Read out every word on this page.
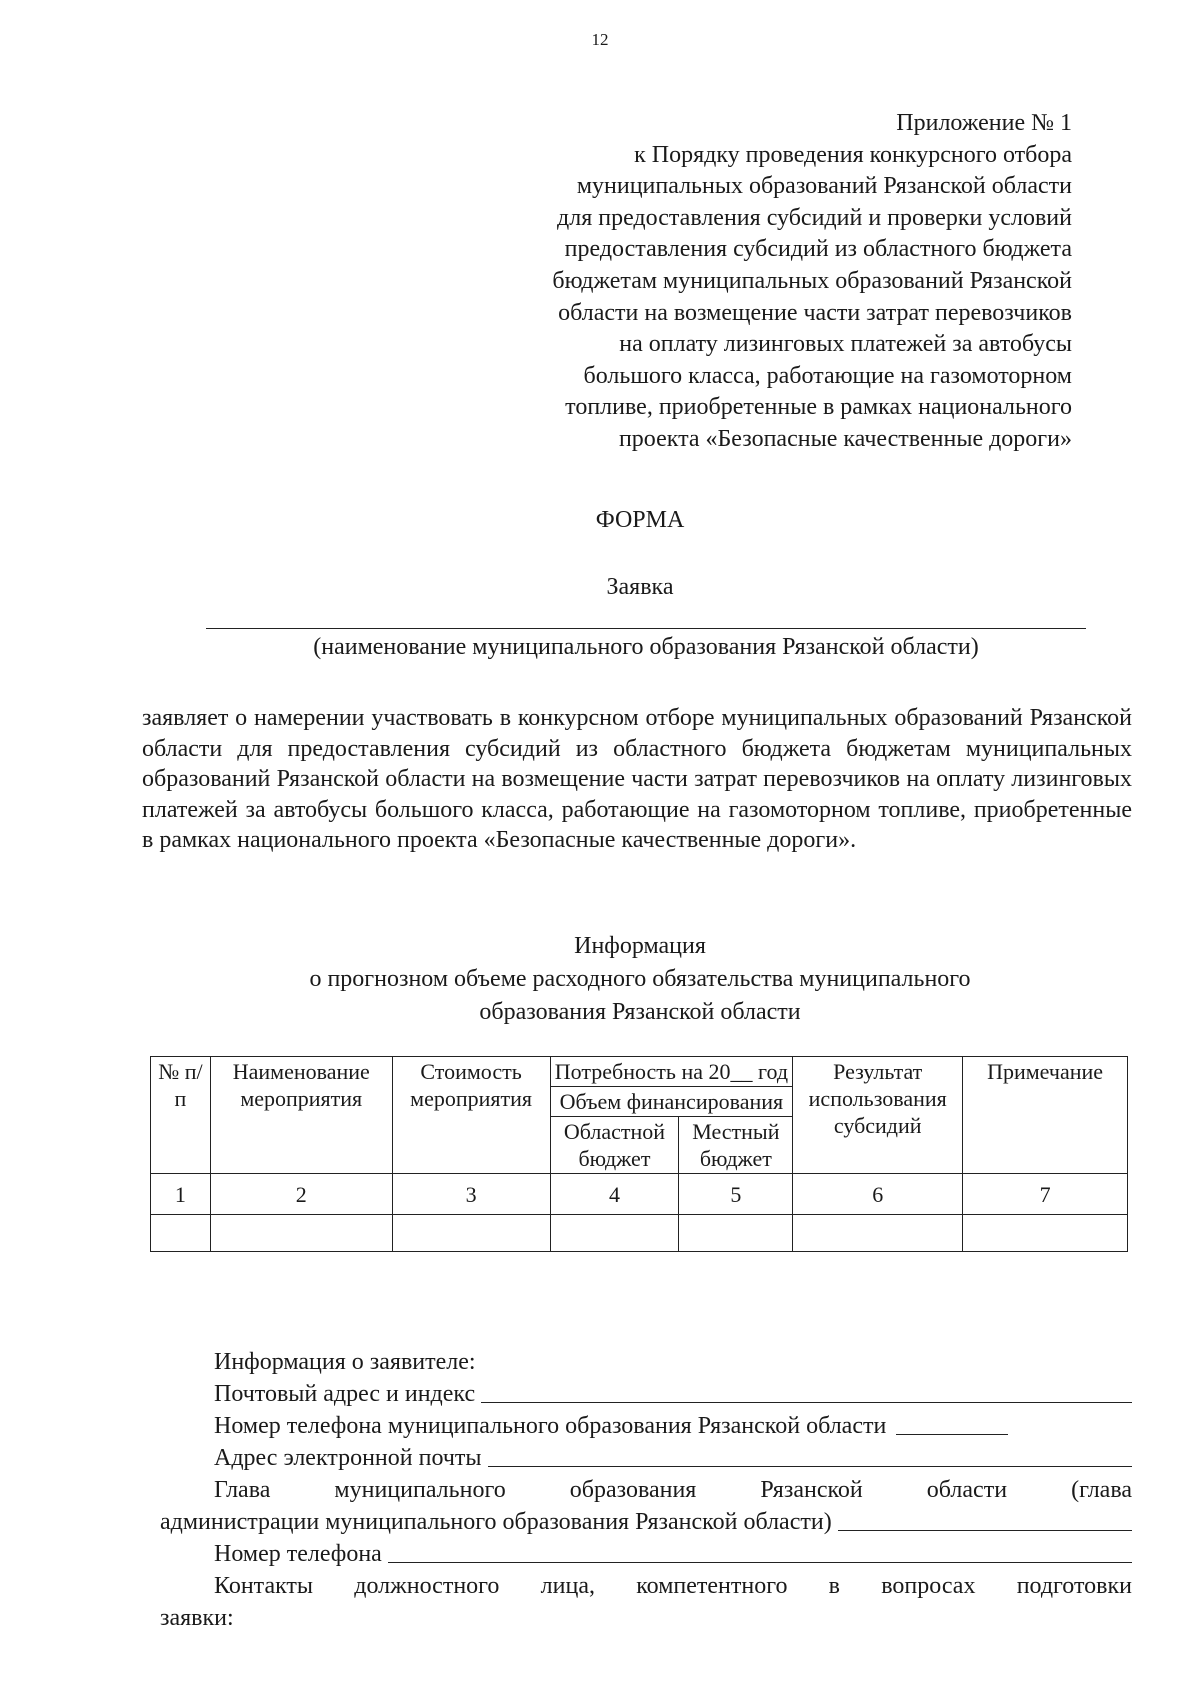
12
Приложение № 1
к Порядку проведения конкурсного отбора
муниципальных образований Рязанской области
для предоставления субсидий и проверки условий
предоставления субсидий из областного бюджета
бюджетам муниципальных образований Рязанской
области на возмещение части затрат перевозчиков
на оплату лизинговых платежей за автобусы
большого класса, работающие на газомоторном
топливе, приобретенные в рамках национального
проекта «Безопасные качественные дороги»
ФОРМА
Заявка
(наименование муниципального образования Рязанской области)
заявляет о намерении участвовать в конкурсном отборе муниципальных образований Рязанской области для предоставления субсидий из областного бюджета бюджетам муниципальных образований Рязанской области на возмещение части затрат перевозчиков на оплату лизинговых платежей за автобусы большого класса, работающие на газомоторном топливе, приобретенные в рамках национального проекта «Безопасные качественные дороги».
Информация
о прогнозном объеме расходного обязательства муниципального
образования Рязанской области
№ п/п	Наименование мероприятия	Стоимость мероприятия	Потребность на 20__ год		Результат использования субсидий	Примечание
			Объем финансирования			
			Областной бюджет	Местный бюджет		
1	2	3	4	5	6	7

Информация о заявителе:
Почтовый адрес и индекс
Номер телефона муниципального образования Рязанской области
Адрес электронной почты
Глава муниципального образования Рязанской области (глава
администрации муниципального образования Рязанской области)
Номер телефона
Контакты должностного лица, компетентного в вопросах подготовки
заявки:
